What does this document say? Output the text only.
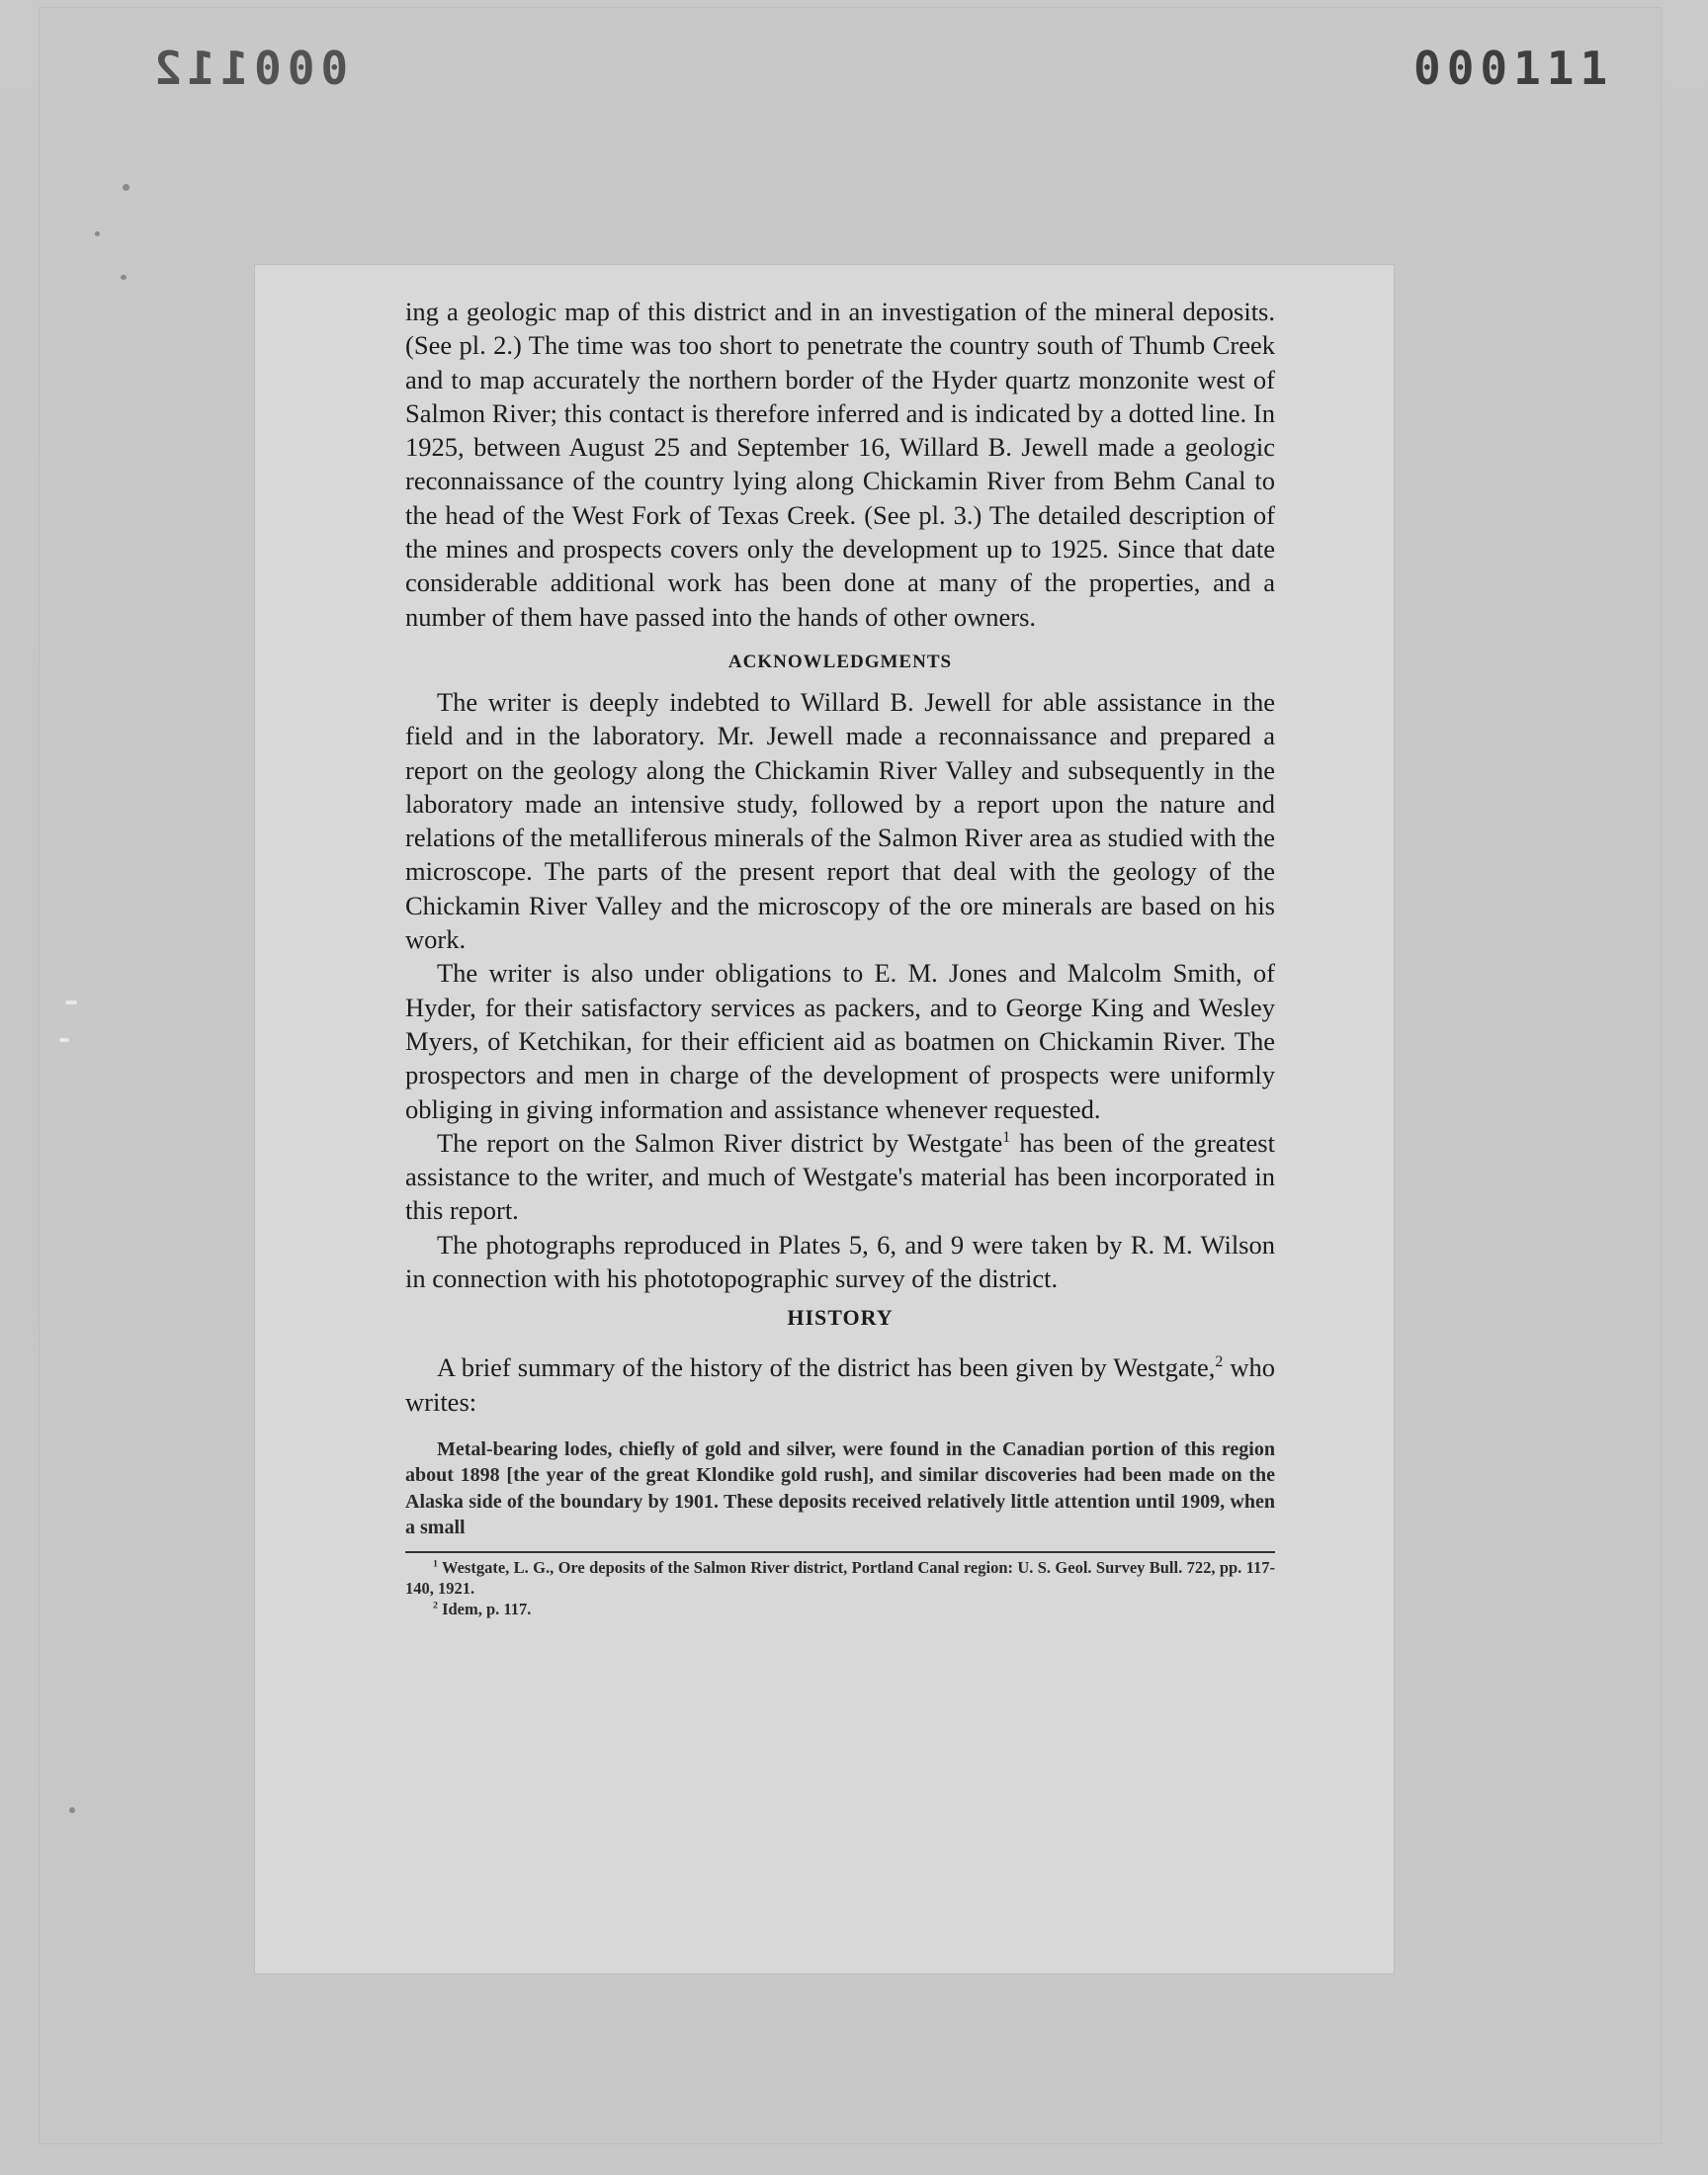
000112	000111

ing a geologic map of this district and in an investigation of the mineral deposits. (See pl. 2.) The time was too short to penetrate the country south of Thumb Creek and to map accurately the northern border of the Hyder quartz monzonite west of Salmon River; this contact is therefore inferred and is indicated by a dotted line. In 1925, between August 25 and September 16, Willard B. Jewell made a geologic reconnaissance of the country lying along Chickamin River from Behm Canal to the head of the West Fork of Texas Creek. (See pl. 3.) The detailed description of the mines and prospects covers only the development up to 1925. Since that date considerable additional work has been done at many of the properties, and a number of them have passed into the hands of other owners.

ACKNOWLEDGMENTS

The writer is deeply indebted to Willard B. Jewell for able assistance in the field and in the laboratory. Mr. Jewell made a reconnaissance and prepared a report on the geology along the Chickamin River Valley and subsequently in the laboratory made an intensive study, followed by a report upon the nature and relations of the metalliferous minerals of the Salmon River area as studied with the microscope. The parts of the present report that deal with the geology of the Chickamin River Valley and the microscopy of the ore minerals are based on his work.

The writer is also under obligations to E. M. Jones and Malcolm Smith, of Hyder, for their satisfactory services as packers, and to George King and Wesley Myers, of Ketchikan, for their efficient aid as boatmen on Chickamin River. The prospectors and men in charge of the development of prospects were uniformly obliging in giving information and assistance whenever requested.

The report on the Salmon River district by Westgate$^1$ has been of the greatest assistance to the writer, and much of Westgate's material has been incorporated in this report.

The photographs reproduced in Plates 5, 6, and 9 were taken by R. M. Wilson in connection with his phototopographic survey of the district.

HISTORY

A brief summary of the history of the district has been given by Westgate,$^2$ who writes:

Metal-bearing lodes, chiefly of gold and silver, were found in the Canadian portion of this region about 1898 [the year of the great Klondike gold rush], and similar discoveries had been made on the Alaska side of the boundary by 1901. These deposits received relatively little attention until 1909, when a small

$^1$ Westgate, L. G., Ore deposits of the Salmon River district, Portland Canal region: U. S. Geol. Survey Bull. 722, pp. 117-140, 1921.

$^2$ Idem, p. 117.
